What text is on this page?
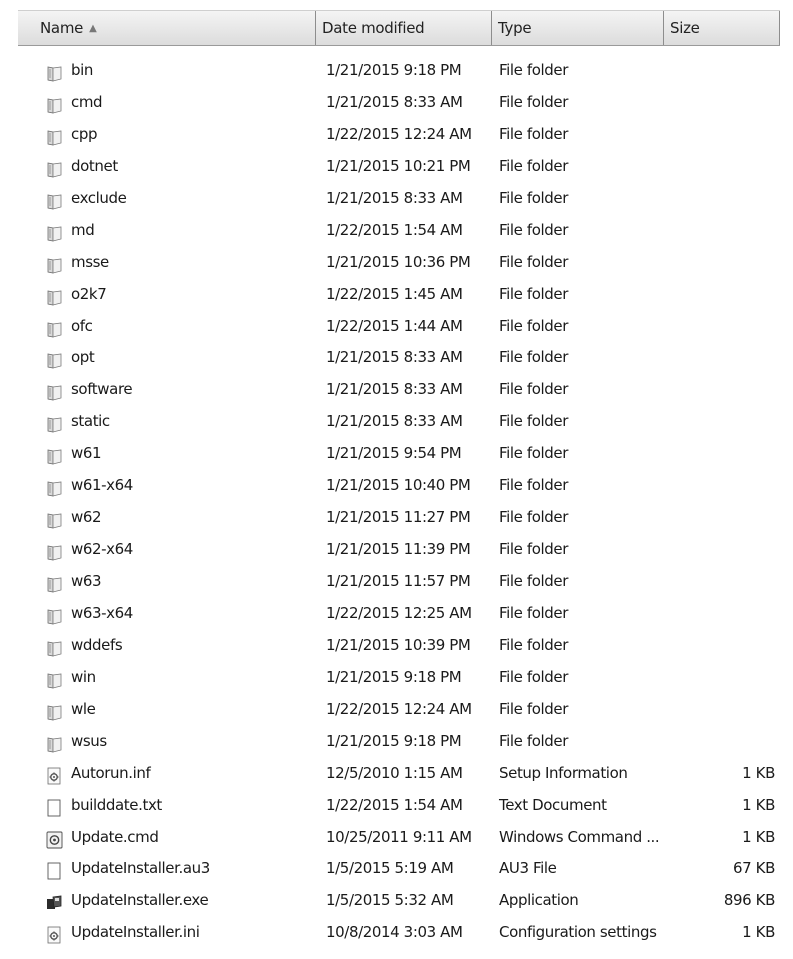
Name ▲	Date modified	Type	Size
bin	1/21/2015 9:18 PM	File folder
cmd	1/21/2015 8:33 AM File folder
cpp	1/22/2015 12:24 AM File folder
dotnet	1/21/2015 10:21 PM File folder
exclude	1/21/2015 8:33 AM File folder
md	1/22/2015 1:54 AM File folder
msse	1/21/2015 10:36 PM File folder
o2k7	1/22/2015 1:45 AM File folder
ofc	1/22/2015 1:44 AM File folder
opt	1/21/2015 8:33 AM File folder
software	1/21/2015 8:33 AM File folder
static	1/21/2015 8:33 AM File folder
w61	1/21/2015 9:54 PM	File folder
w61-x64	1/21/2015 10:40 PM File folder
w62	1/21/2015 11:27 PM File folder
w62-x64	1/21/2015 11:39 PM File folder
w63	1/21/2015 11:57 PM File folder
w63-x64	1/22/2015 12:25 AM File folder
wddefs	1/21/2015 10:39 PM File folder
win	1/21/2015 9:18 PM	File folder
wle	1/22/2015 12:24 AM File folder
wsus	1/21/2015 9:18 PM	File folder
Autorun.inf	12/5/2010 1:15 AM Setup Information	1 KB
builddate.txt	1/22/2015 1:54 AM Text Document	1 KB
Update.cmd	10/25/2011 9:11 AM Windows Command ...	1 KB
UpdateInstaller.au3	1/5/2015 5:19 AM	AU3 File	67 KB
UpdateInstaller.exe	1/5/2015 5:32 AM	Application	896 KB
UpdateInstaller.ini	10/8/2014 3:03 AM Configuration settings	1 KB
